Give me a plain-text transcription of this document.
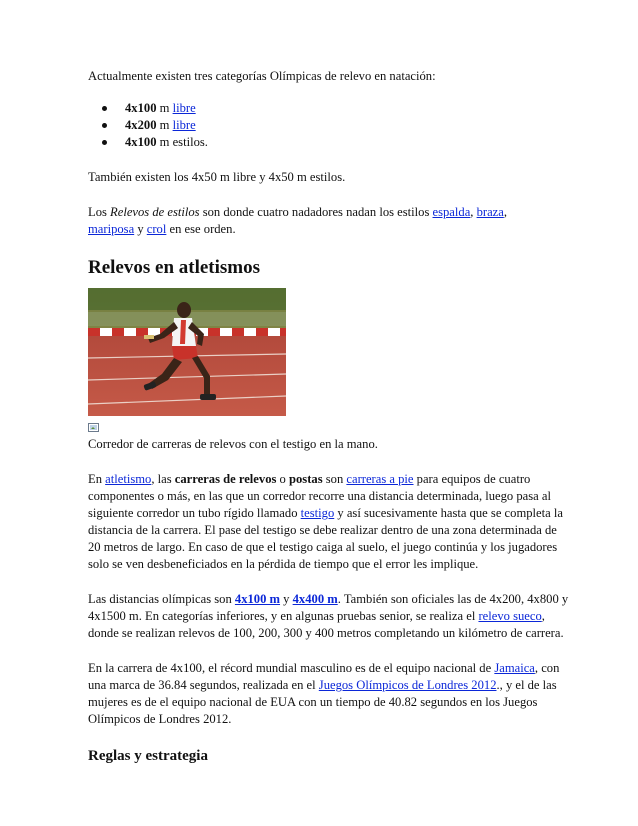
Actualmente existen tres categorías Olímpicas de relevo en natación:

4x100 m libre
4x200 m libre
4x100 m estilos.

También existen los 4x50 m libre y 4x50 m estilos.

Los Relevos de estilos son donde cuatro nadadores nadan los estilos espalda, braza,
mariposa y crol en ese orden.

Relevos en atletismos

Corredor de carreras de relevos con el testigo en la mano.

En atletismo, las carreras de relevos o postas son carreras a pie para equipos de cuatro componentes o más, en las que un corredor recorre una distancia determinada, luego pasa al siguiente corredor un tubo rígido llamado testigo y así sucesivamente hasta que se completa la distancia de la carrera. El pase del testigo se debe realizar dentro de una zona determinada de 20 metros de largo. En caso de que el testigo caiga al suelo, el juego continúa y los jugadores solo se ven desbeneficiados en la pérdida de tiempo que el error les implique.

Las distancias olímpicas son 4x100 m y 4x400 m. También son oficiales las de 4x200, 4x800 y 4x1500 m. En categorías inferiores, y en algunas pruebas senior, se realiza el relevo sueco, donde se realizan relevos de 100, 200, 300 y 400 metros completando un kilómetro de carrera.

En la carrera de 4x100, el récord mundial masculino es de el equipo nacional de Jamaica, con una marca de 36.84 segundos, realizada en el Juegos Olímpicos de Londres 2012., y el de las mujeres es de el equipo nacional de EUA con un tiempo de 40.82 segundos en los Juegos Olímpicos de Londres 2012.

Reglas y estrategia
